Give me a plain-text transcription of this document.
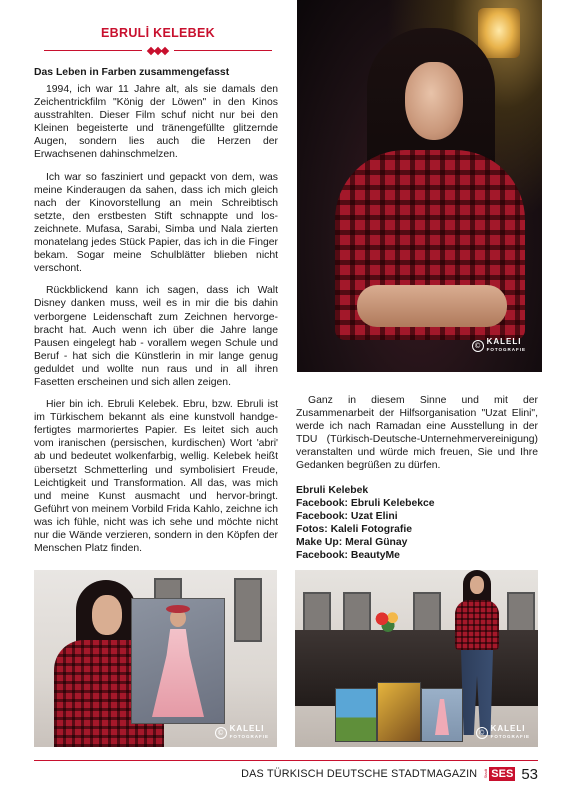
EBRULİ KELEBEK
Das Leben in Farben zusammengefasst

1994, ich war 11 Jahre alt, als sie damals den Zeichentrickfilm "König der Löwen" in den Kinos ausstrahlten. Dieser Film schuf nicht nur bei den Kleinen begeisterte und tränengefüllte glitzernde Augen, sondern lies auch die Herzen der Erwachsenen dahinschmelzen.

Ich war so fasziniert und gepackt von dem, was meine Kinderaugen da sahen, dass ich mich gleich nach der Kinovorstellung an mein Schreibtisch setzte, den erstbesten Stift schnappte und los-zeichnete. Mufasa, Sarabi, Simba und Nala zierten monatelang jedes Stück Papier, das ich in die Finger bekam. Sogar meine Schulblätter blieben nicht verschont.

Rückblickend kann ich sagen, dass ich Walt Disney danken muss, weil es in mir die bis dahin verborgene Leidenschaft zum Zeichnen hervorge-bracht hat. Auch wenn ich über die Jahre lange Pausen eingelegt hab - vorallem wegen Schule und Beruf - hat sich die Künstlerin in mir lange genug geduldet und wollte nun raus und in all ihren Fasetten erscheinen und sich allen zeigen.

Hier bin ich. Ebruli Kelebek. Ebru, bzw. Ebruli ist im Türkischem bekannt als eine kunstvoll handge-fertigtes marmoriertes Papier. Es leitet sich auch vom iranischen (persischen, kurdischen) Wort 'abri' ab und bedeutet wolkenfarbig, wellig. Kelebek heißt übersetzt Schmetterling und symbolisiert Freude, Leichtigkeit und Transformation. All das, was mich und meine Kunst ausmacht und hervor-bringt. Geführt von meinem Vorbild Frida Kahlo, zeichne ich was ich fühle, nicht was ich sehe und möchte nicht nur die Wände verzieren, sondern in den Köpfen der Menschen Platz finden.

© KALELI
FOTOGRAFIE

Ganz in diesem Sinne und mit der Zusammenarbeit der Hilfsorganisation "Uzat Elini", werde ich nach Ramadan eine Ausstellung in der TDU (Türkisch-Deutsche-Unternehmervereinigung) veranstalten und würde mich freuen, Sie und Ihre Gedanken begrüßen zu dürfen.

Ebruli Kelebek
Facebook: Ebruli Kelebekce
Facebook: Uzat Elini
Fotos: Kaleli Fotografie
Make Up: Meral Günay
Facebook: BeautyMe
© KALELI
FOTOGRAFIE	© KALELI
FOTOGRAFIE
DAS TÜRKISCH DEUTSCHE STADTMAGAZIN Stadt SES 53
